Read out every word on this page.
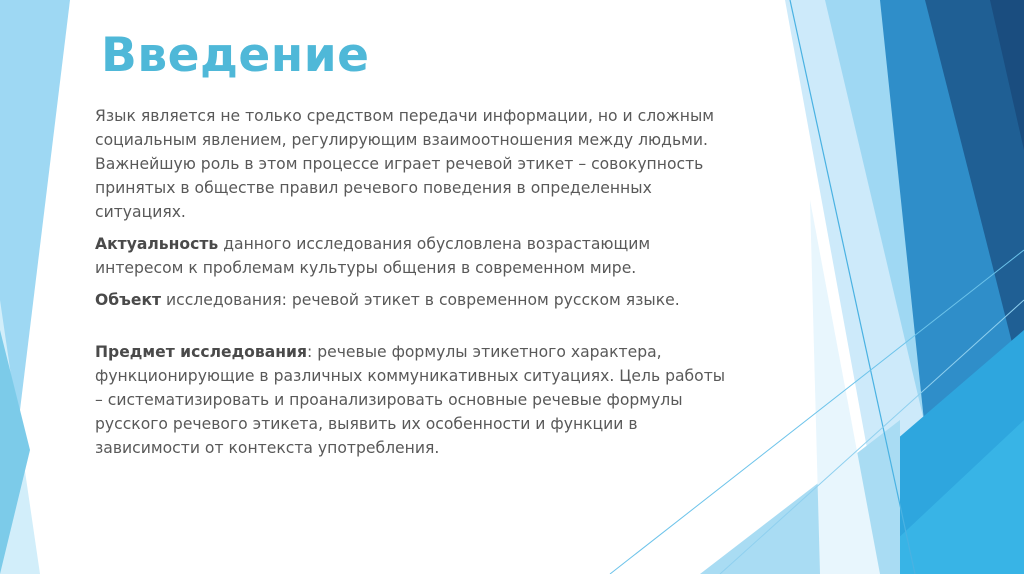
Введение

Язык является не только средством передачи информации, но и сложным социальным явлением, регулирующим взаимоотношения между людьми. Важнейшую роль в этом процессе играет речевой этикет – совокупность принятых в обществе правил речевого поведения в определенных ситуациях.

Актуальность данного исследования обусловлена возрастающим интересом к проблемам культуры общения в современном мире.

Объект исследования: речевой этикет в современном русском языке.

Предмет исследования: речевые формулы этикетного характера, функционирующие в различных коммуникативных ситуациях. Цель работы – систематизировать и проанализировать основные речевые формулы русского речевого этикета, выявить их особенности и функции в зависимости от контекста употребления.
